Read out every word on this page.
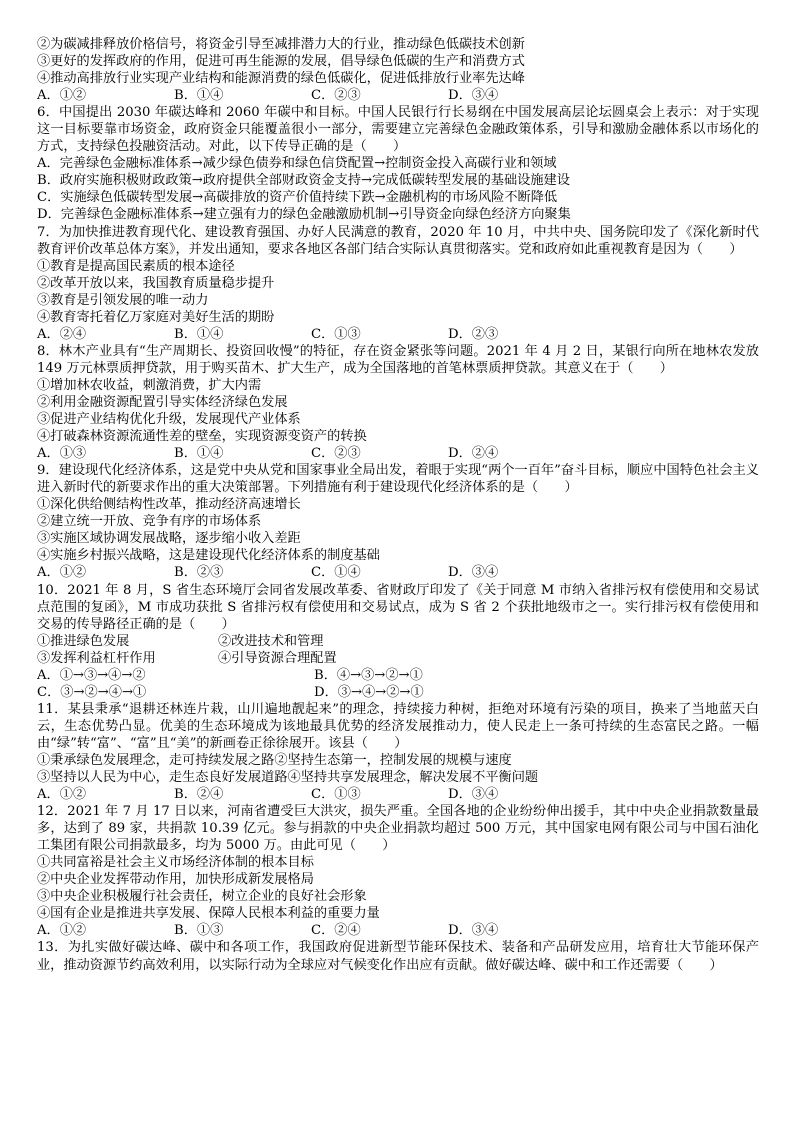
②为碳减排释放价格信号，将资金引导至减排潜力大的行业，推动绿色低碳技术创新
③更好的发挥政府的作用，促进可再生能源的发展，倡导绿色低碳的生产和消费方式
④推动高排放行业实现产业结构和能源消费的绿色低碳化，促进低排放行业率先达峰
A．①②	B．①④	C．②③	D．③④
6．中国提出 2030 年碳达峰和 2060 年碳中和目标。中国人民银行行长易纲在中国发展高层论坛圆桌会上表示：对于实现这一目标要靠市场资金，政府资金只能覆盖很小一部分，需要建立完善绿色金融政策体系，引导和激励金融体系以市场化的方式，支持绿色投融资活动。对此，以下传导正确的是（　　）
A．完善绿色金融标准体系→减少绿色债券和绿色信贷配置→控制资金投入高碳行业和领域
B．政府实施积极财政政策→政府提供全部财政资金支持→完成低碳转型发展的基础设施建设
C．实施绿色低碳转型发展→高碳排放的资产价值持续下跌→金融机构的市场风险不断降低
D．完善绿色金融标准体系→建立强有力的绿色金融激励机制→引导资金向绿色经济方向聚集
7．为加快推进教育现代化、建设教育强国、办好人民满意的教育，2020 年 10 月，中共中央、国务院印发了《深化新时代教育评价改革总体方案》，并发出通知，要求各地区各部门结合实际认真贯彻落实。党和政府如此重视教育是因为（　　）
①教育是提高国民素质的根本途径
②改革开放以来，我国教育质量稳步提升
③教育是引领发展的唯一动力
④教育寄托着亿万家庭对美好生活的期盼
A．②④	B．①④	C．①③	D．②③
8．林木产业具有“生产周期长、投资回收慢”的特征，存在资金紧张等问题。2021 年 4 月 2 日，某银行向所在地林农发放 149 万元林票质押贷款，用于购买苗木、扩大生产，成为全国落地的首笔林票质押贷款。其意义在于（　　）
①增加林农收益，刺激消费，扩大内需
②利用金融资源配置引导实体经济绿色发展
③促进产业结构优化升级，发展现代产业体系
④打破森林资源流通性差的壁垒，实现资源变资产的转换
A．①③	B．①④	C．②③	D．②④
9．建设现代化经济体系，这是党中央从党和国家事业全局出发，着眼于实现“两个一百年”奋斗目标，顺应中国特色社会主义进入新时代的新要求作出的重大决策部署。下列措施有利于建设现代化经济体系的是（　　）
①深化供给侧结构性改革，推动经济高速增长
②建立统一开放、竞争有序的市场体系
③实施区域协调发展战略，逐步缩小收入差距
④实施乡村振兴战略，这是建设现代化经济体系的制度基础
A．①②	B．②③	C．①④	D．③④
10．2021 年 8 月，S 省生态环境厅会同省发展改革委、省财政厅印发了《关于同意 M 市纳入省排污权有偿使用和交易试点范围的复函》，M 市成功获批 S 省排污权有偿使用和交易试点，成为 S 省 2 个获批地级市之一。实行排污权有偿使用和交易的传导路径正确的是（　　）
①推进绿色发展	②改进技术和管理
③发挥利益杠杆作用	④引导资源合理配置
A．①→③→④→②	B．④→③→②→①
C．③→②→④→①	D．③→④→②→①
11．某县秉承“退耕还林连片栽，山川遍地靓起来”的理念，持续接力种树，拒绝对环境有污染的项目，换来了当地蓝天白云，生态优势凸显。优美的生态环境成为该地最具优势的经济发展推动力，使人民走上一条可持续的生态富民之路。一幅由“绿”转“富”、“富”且“美”的新画卷正徐徐展开。该县（　　）
①秉承绿色发展理念，走可持续发展之路②坚持生态第一，控制发展的规模与速度
③坚持以人民为中心，走生态良好发展道路④坚持共享发展理念，解决发展不平衡问题
A．①②	B．②④	C．①③	D．③④
12．2021 年 7 月 17 日以来，河南省遭受巨大洪灾，损失严重。全国各地的企业纷纷伸出援手，其中中央企业捐款数量最多，达到了 89 家，共捐款 10.39 亿元。参与捐款的中央企业捐款均超过 500 万元，其中国家电网有限公司与中国石油化工集团有限公司捐款最多，均为 5000 万。由此可见（　　）
①共同富裕是社会主义市场经济体制的根本目标
②中央企业发挥带动作用，加快形成新发展格局
③中央企业积极履行社会责任，树立企业的良好社会形象
④国有企业是推进共享发展、保障人民根本利益的重要力量
A．①②	B．①③	C．②④	D．③④
13．为扎实做好碳达峰、碳中和各项工作，我国政府促进新型节能环保技术、装备和产品研发应用，培育壮大节能环保产业，推动资源节约高效利用，以实际行动为全球应对气候变化作出应有贡献。做好碳达峰、碳中和工作还需要（　　）
